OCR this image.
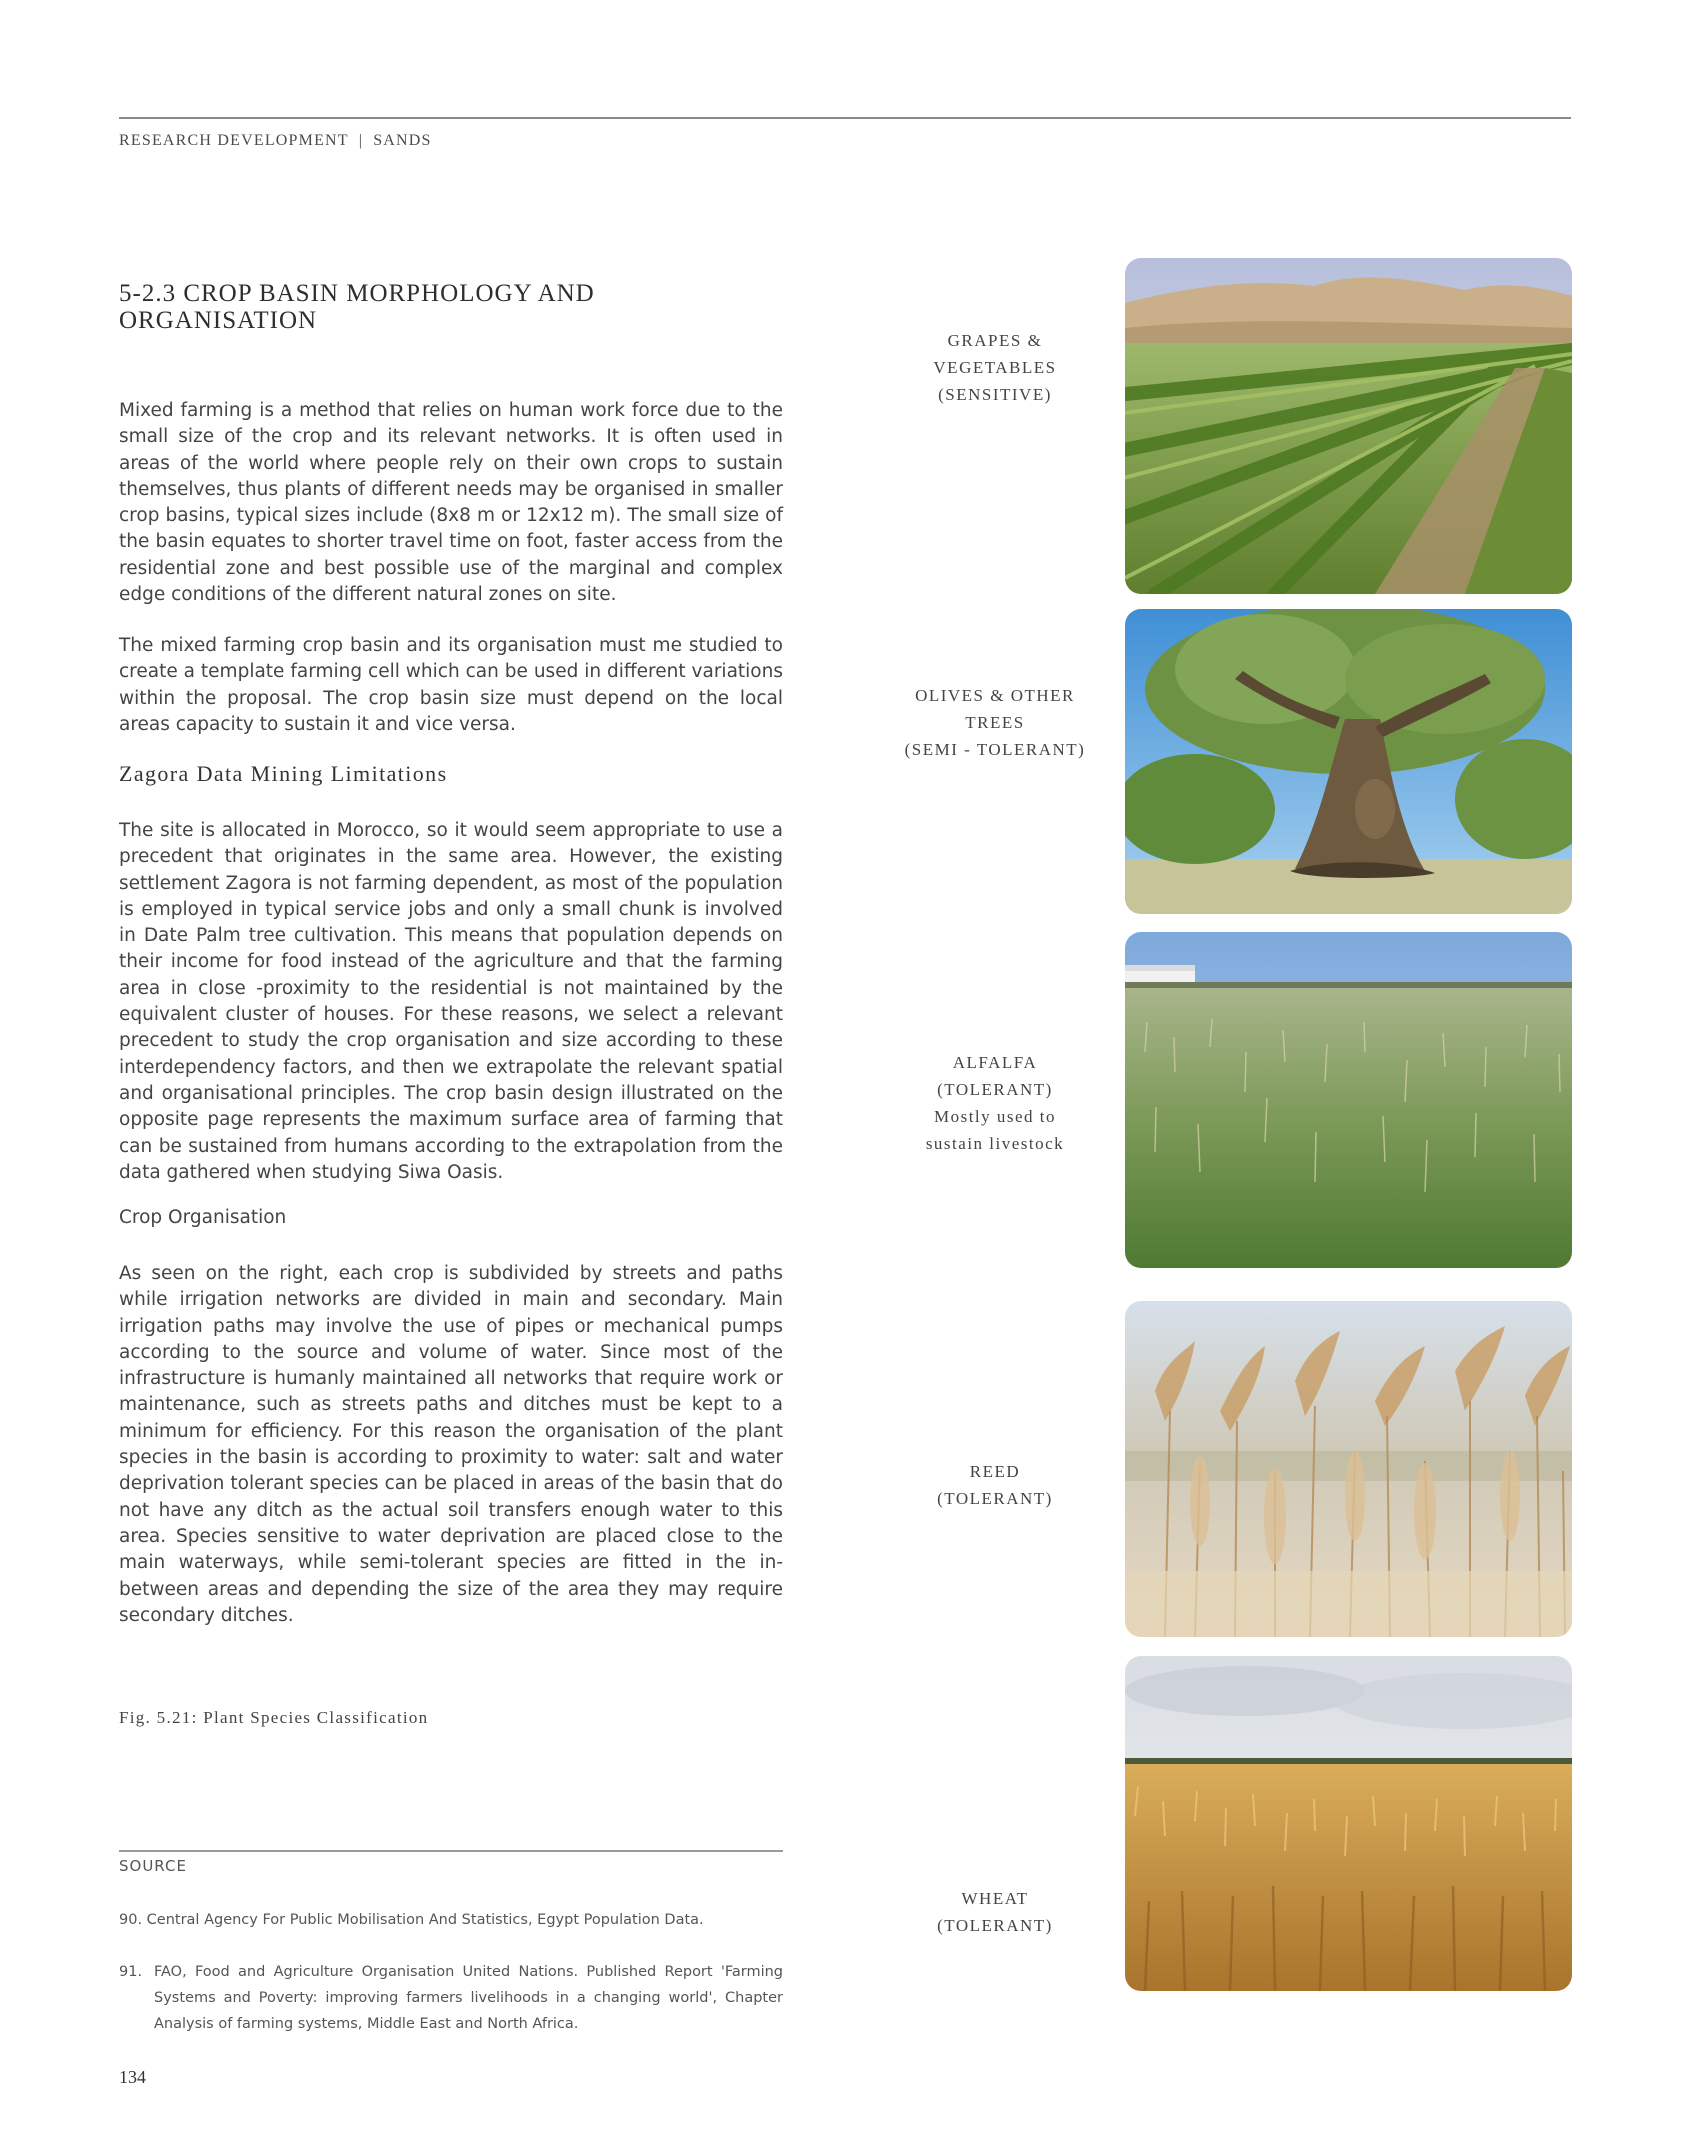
RESEARCH DEVELOPMENT | SANDS
5-2.3 CROP BASIN MORPHOLOGY AND
ORGANISATION

Mixed farming is a method that relies on human work force due to the small size of the crop and its relevant networks. It is often used in areas of the world where people rely on their own crops to sustain themselves, thus plants of different needs may be organised in smaller crop basins, typical sizes include (8x8 m or 12x12 m). The small size of the basin equates to shorter travel time on foot, faster access from the residential zone and best possible use of the marginal and complex edge conditions of the different natural zones on site.

The mixed farming crop basin and its organisation must me studied to create a template farming cell which can be used in different variations within the proposal. The crop basin size must depend on the local areas capacity to sustain it and vice versa.

Zagora Data Mining Limitations

The site is allocated in Morocco, so it would seem appropriate to use a precedent that originates in the same area. However, the existing settlement Zagora is not farming dependent, as most of the population is employed in typical service jobs and only a small chunk is involved in Date Palm tree cultivation. This means that population depends on their income for food instead of the agriculture and that the farming area in close -proximity to the residential is not maintained by the equivalent cluster of houses. For these reasons, we select a relevant precedent to study the crop organisation and size according to these interdependency factors, and then we extrapolate the relevant spatial and organisational principles. The crop basin design illustrated on the opposite page represents the maximum surface area of farming that can be sustained from humans according to the extrapolation from the data gathered when studying Siwa Oasis.

Crop Organisation

As seen on the right, each crop is subdivided by streets and paths while irrigation networks are divided in main and secondary. Main irrigation paths may involve the use of pipes or mechanical pumps according to the source and volume of water. Since most of the infrastructure is humanly maintained all networks that require work or maintenance, such as streets paths and ditches must be kept to a minimum for efficiency. For this reason the organisation of the plant species in the basin is according to proximity to water: salt and water deprivation tolerant species can be placed in areas of the basin that do not have any ditch as the actual soil transfers enough water to this area. Species sensitive to water deprivation are placed close to the main waterways, while semi-tolerant species are fitted in the in-between areas and depending the size of the area they may require secondary ditches.

Fig. 5.21: Plant Species Classification
SOURCE
90. Central Agency For Public Mobilisation And Statistics, Egypt Population Data.
91. FAO, Food and Agriculture Organisation United Nations. Published Report 'Farming Systems and Poverty: improving farmers livelihoods in a changing world', Chapter Analysis of farming systems, Middle East and North Africa.
134
GRAPES &
VEGETABLES
(SENSITIVE)
OLIVES & OTHER
TREES
(SEMI - TOLERANT)
ALFALFA
(TOLERANT)
Mostly used to
sustain livestock
REED
(TOLERANT)
WHEAT
(TOLERANT)
